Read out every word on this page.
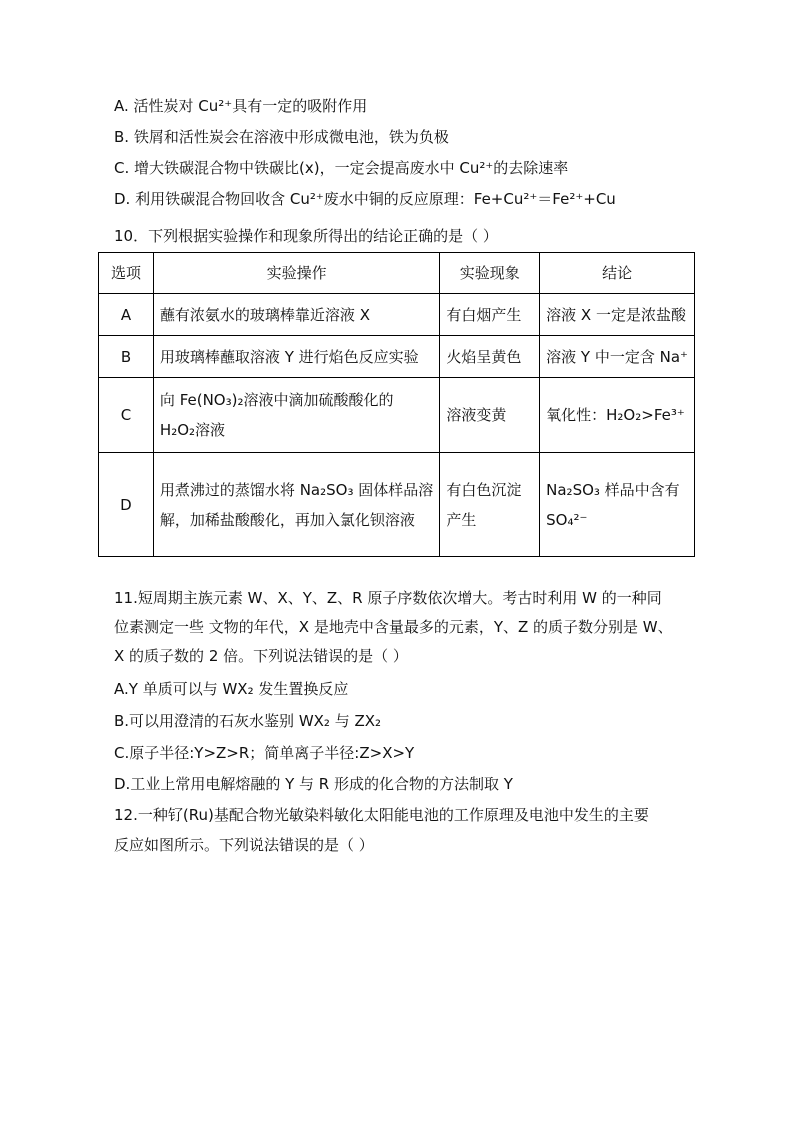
A. 活性炭对 Cu²⁺具有一定的吸附作用
B. 铁屑和活性炭会在溶液中形成微电池，铁为负极
C. 增大铁碳混合物中铁碳比(x)，一定会提高废水中 Cu²⁺的去除速率
D. 利用铁碳混合物回收含 Cu²⁺废水中铜的反应原理：Fe+Cu²⁺＝Fe²⁺+Cu
10．下列根据实验操作和现象所得出的结论正确的是（ ）
选项	实验操作	实验现象	结论
A	蘸有浓氨水的玻璃棒靠近溶液 X	有白烟产生	溶液 X 一定是浓盐酸
B	用玻璃棒蘸取溶液 Y 进行焰色反应实验	火焰呈黄色	溶液 Y 中一定含 Na⁺
C	向 Fe(NO₃)₂溶液中滴加硫酸酸化的 H₂O₂溶液	溶液变黄	氧化性：H₂O₂>Fe³⁺
D	用煮沸过的蒸馏水将 Na₂SO₃ 固体样品溶解，加稀盐酸酸化，再加入氯化钡溶液	有白色沉淀产生	Na₂SO₃ 样品中含有 SO₄²⁻
11.短周期主族元素 W、X、Y、Z、R 原子序数依次增大。考古时利用 W 的一种同
位素测定一些 文物的年代，X 是地壳中含量最多的元素，Y、Z 的质子数分别是 W、
X 的质子数的 2 倍。下列说法错误的是（ ）
A.Y 单质可以与 WX₂ 发生置换反应
B.可以用澄清的石灰水鉴别 WX₂ 与 ZX₂
C.原子半径:Y>Z>R；简单离子半径:Z>X>Y
D.工业上常用电解熔融的 Y 与 R 形成的化合物的方法制取 Y
12.一种钌(Ru)基配合物光敏染料敏化太阳能电池的工作原理及电池中发生的主要
反应如图所示。下列说法错误的是（ ）
